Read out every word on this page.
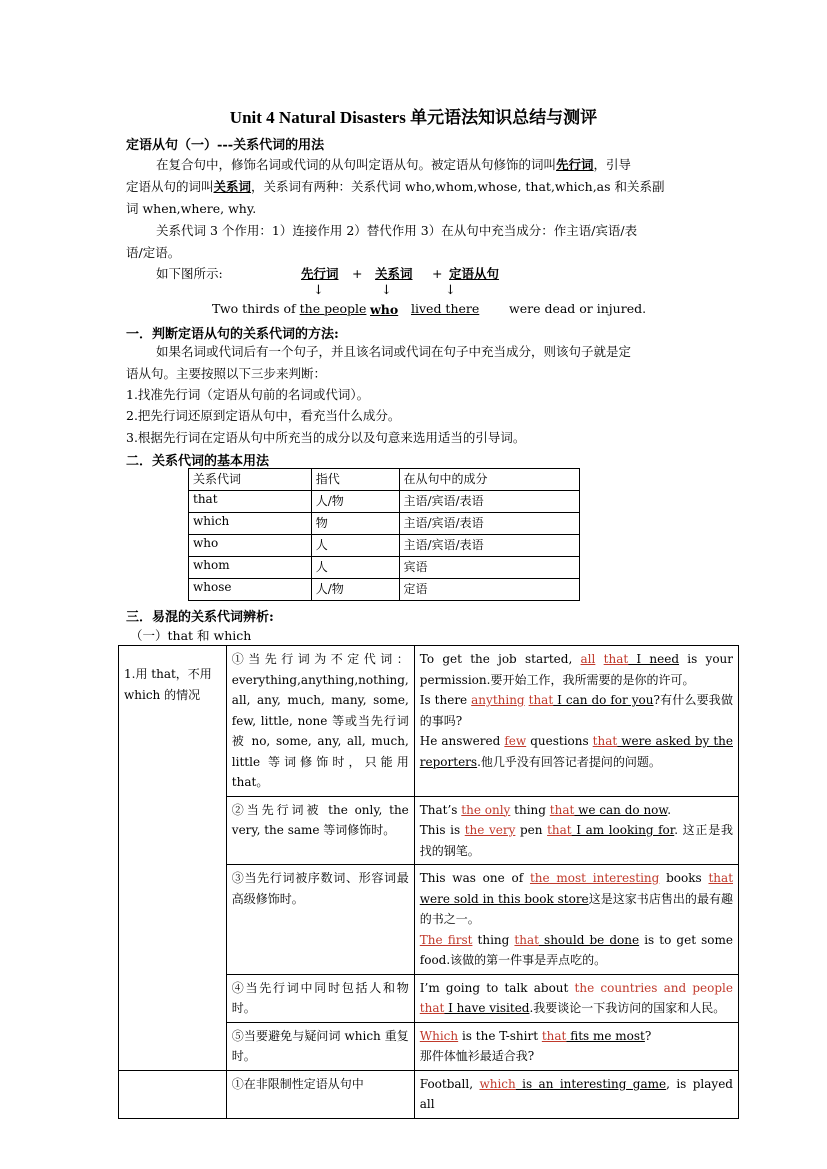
Unit 4 Natural Disasters 单元语法知识总结与测评
定语从句（一）---关系代词的用法
在复合句中，修饰名词或代词的从句叫定语从句。被定语从句修饰的词叫先行词，引导
定语从句的词叫关系词，关系词有两种：关系代词 who,whom,whose, that,which,as 和关系副
词 when,where, why.
关系代词 3 个作用：1）连接作用 2）替代作用 3）在从句中充当成分：作主语/宾语/表
语/定语。
如下图所示:	先行词 + 关系词 + 定语从句
↓	↓	↓
Two thirds of the people who lived there were dead or injured.
一．判断定语从句的关系代词的方法:
如果名词或代词后有一个句子，并且该名词或代词在句子中充当成分，则该句子就是定
语从句。主要按照以下三步来判断：
1.找准先行词（定语从句前的名词或代词）。
2.把先行词还原到定语从句中，看充当什么成分。
3.根据先行词在定语从句中所充当的成分以及句意来选用适当的引导词。
二．关系代词的基本用法
关系代词	指代	在从句中的成分
that	人/物	主语/宾语/表语
which	物	主语/宾语/表语
who	人	主语/宾语/表语
whom	人	宾语
whose	人/物	定语
三．易混的关系代词辨析:
（一）that 和 which
1.用 that，不用 which 的情况	①当先行词为不定代词：everything,anything,nothing, all, any, much, many, some, few, little, none 等或当先行词被 no, some, any, all, much, little 等词修饰时，只能用 that。	To get the job started, all that I need is your permission.要开始工作，我所需要的是你的许可。
Is there anything that I can do for you?有什么要我做的事吗?
He answered few questions that were asked by the reporters.他几乎没有回答记者提问的问题。

	②当先行词被 the only, the very, the same 等词修饰时。	That’s the only thing that we can do now.
This is the very pen that I am looking for. 这正是我找的钢笔。

	③当先行词被序数词、形容词最高级修饰时。	This was one of the most interesting books that were sold in this book store这是这家书店售出的最有趣的书之一。
The first thing that should be done is to get some food.该做的第一件事是弄点吃的。

	④当先行词中同时包括人和物时。	I’m going to talk about the countries and people that I have visited.我要谈论一下我访问的国家和人民。

	⑤当要避免与疑问词 which 重复时。	Which is the T-shirt that fits me most?
那件体恤衫最适合我?

	①在非限制性定语从句中	Football, which is an interesting game, is played all
